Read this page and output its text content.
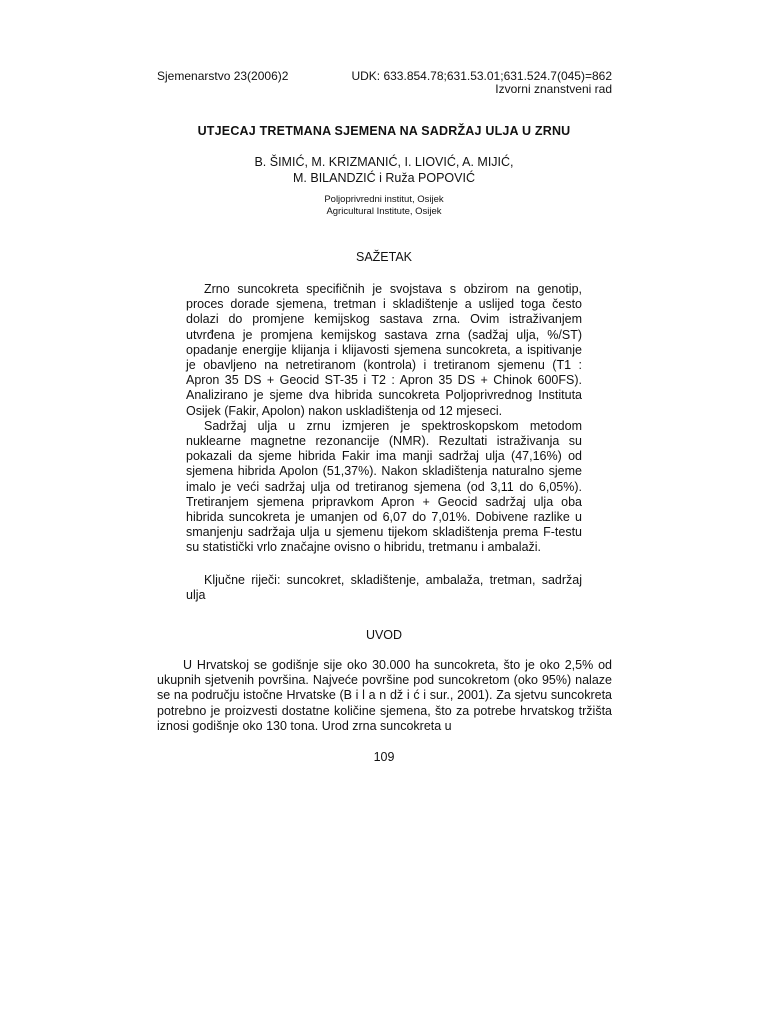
Sjemenarstvo 23(2006)2	UDK: 633.854.78;631.53.01;631.524.7(045)=862
Izvorni znanstveni rad
UTJECAJ TRETMANA SJEMENA NA SADRŽAJ ULJA U ZRNU
B. ŠIMIĆ, M. KRIZMANIĆ, I. LIOVIĆ, A. MIJIĆ,
M. BILANDZIĆ i Ruža POPOVIĆ
Poljoprivredni institut, Osijek
Agricultural Institute, Osijek
SAŽETAK

Zrno suncokreta specifičnih je svojstava s obzirom na genotip, proces dorade sjemena, tretman i skladištenje a uslijed toga često dolazi do promjene kemijskog sastava zrna. Ovim istraživanjem utvrđena je promjena kemijskog sastava zrna (sadžaj ulja, %/ST) opadanje energije klijanja i klijavosti sjemena suncokreta, a ispitivanje je obavljeno na netretiranom (kontrola) i tretiranom sjemenu (T1 : Apron 35 DS + Geocid ST-35 i T2 : Apron 35 DS + Chinok 600FS). Analizirano je sjeme dva hibrida suncokreta Poljoprivrednog Instituta Osijek (Fakir, Apolon) nakon uskladištenja od 12 mjeseci.

Sadržaj ulja u zrnu izmjeren je spektroskopskom metodom nuklearne magnetne rezonancije (NMR). Rezultati istraživanja su pokazali da sjeme hibrida Fakir ima manji sadržaj ulja (47,16%) od sjemena hibrida Apolon (51,37%). Nakon skladištenja naturalno sjeme imalo je veći sadržaj ulja od tretiranog sjemena (od 3,11 do 6,05%). Tretiranjem sjemena pripravkom Apron + Geocid sadržaj ulja oba hibrida suncokreta je umanjen od 6,07 do 7,01%. Dobivene razlike u smanjenju sadržaja ulja u sjemenu tijekom skladištenja prema F-testu su statistički vrlo značajne ovisno o hibridu, tretmanu i ambalaži.

Ključne riječi: suncokret, skladištenje, ambalaža, tretman, sadržaj ulja

UVOD

U Hrvatskoj se godišnje sije oko 30.000 ha suncokreta, što je oko 2,5% od ukupnih sjetvenih površina. Najveće površine pod suncokretom (oko 95%) nalaze se na području istočne Hrvatske (B i l a n dž i ć i sur., 2001). Za sjetvu suncokreta potrebno je proizvesti dostatne količine sjemena, što za potrebe hrvatskog tržišta iznosi godišnje oko 130 tona. Urod zrna suncokreta u

109
